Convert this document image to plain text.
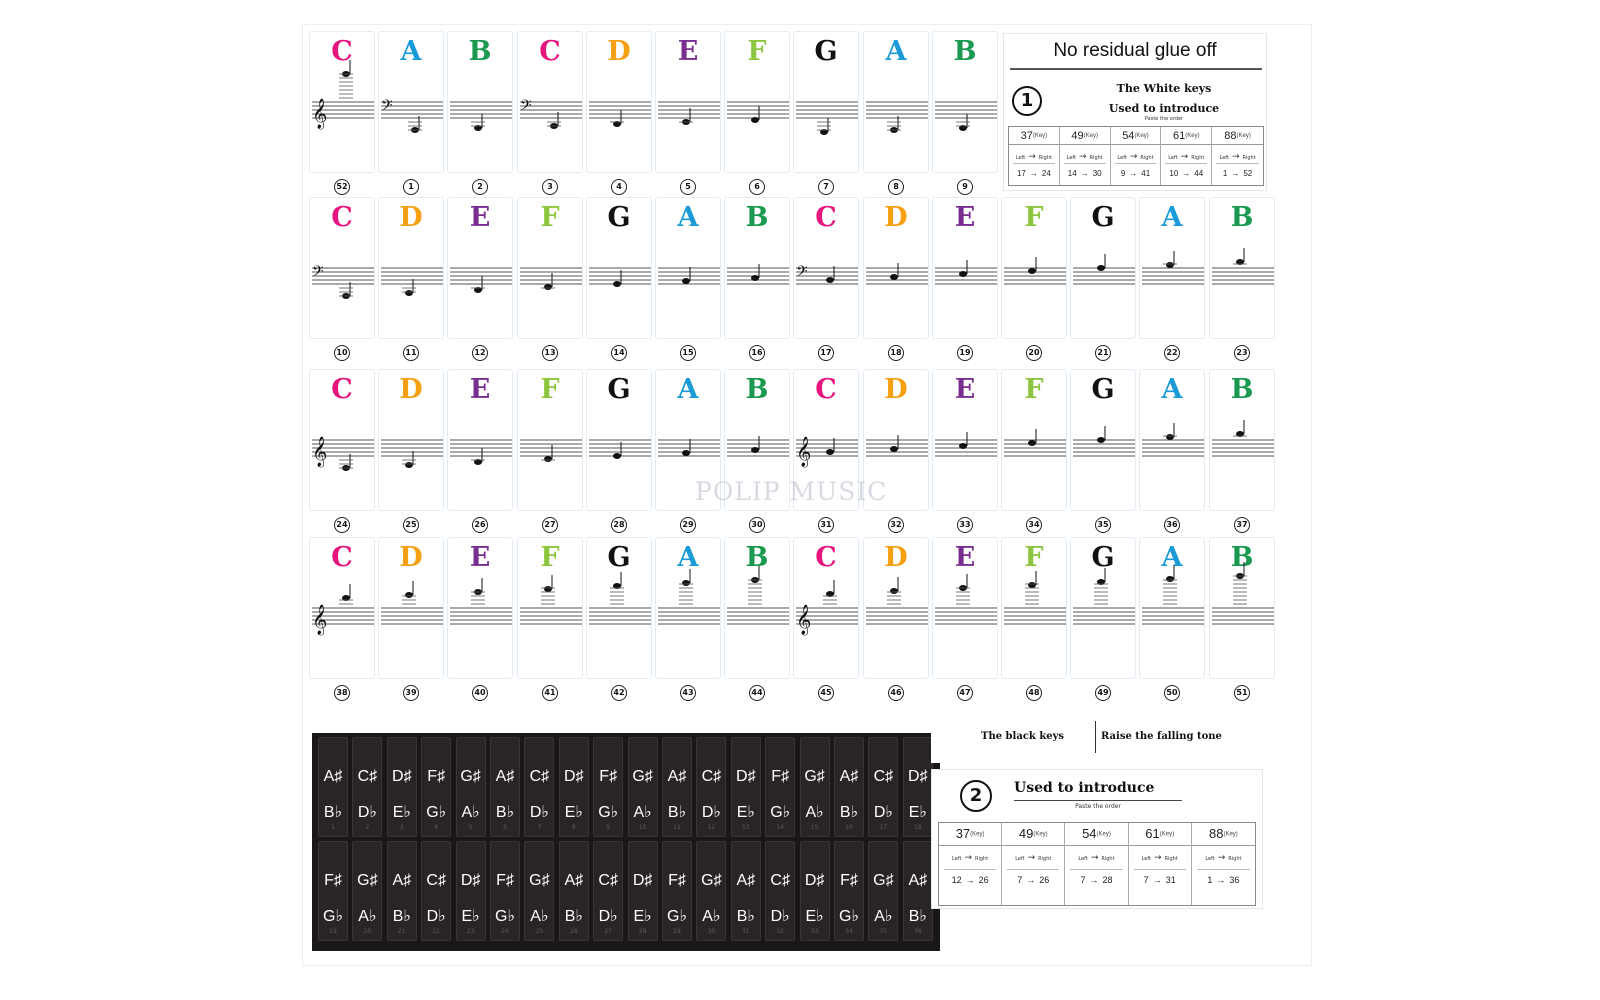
C
𝄞
52
A
𝄢
1
B
2
C
𝄢
3
D
4
E
5
F
6
G
7
A
8
B
9
C
𝄢
10
D
11
E
12
F
13
G
14
A
15
B
16
C
𝄢
17
D
18
E
19
F
20
G
21
A
22
B
23
C
𝄞
24
D
25
E
26
F
27
G
28
A
29
B
30
C
𝄞
31
D
32
E
33
F
34
G
35
A
36
B
37
C
𝄞
38
D
39
E
40
F
41
G
42
A
43
B
44
C
𝄞
45
D
46
E
47
F
48
G
49
A
50
B
51
A♯
B♭
1
C♯
D♭
2
D♯
E♭
3
F♯
G♭
4
G♯
A♭
5
A♯
B♭
6
C♯
D♭
7
D♯
E♭
8
F♯
G♭
9
G♯
A♭
10
A♯
B♭
11
C♯
D♭
12
D♯
E♭
13
F♯
G♭
14
G♯
A♭
15
A♯
B♭
16
C♯
D♭
17
D♯
E♭
18
F♯
G♭
19
G♯
A♭
20
A♯
B♭
21
C♯
D♭
22
D♯
E♭
23
F♯
G♭
24
G♯
A♭
25
A♯
B♭
26
C♯
D♭
27
D♯
E♭
28
F♯
G♭
29
G♯
A♭
30
A♯
B♭
31
C♯
D♭
32
D♯
E♭
33
F♯
G♭
34
G♯
A♭
35
A♯
B♭
36
No residual glue off
1
The White keys
Used to introduce
Paste the order
37(Key)
Left → Right
17 → 24
49(Key)
Left → Right
14 → 30
54(Key)
Left → Right
9 → 41
61(Key)
Left → Right
10 → 44
88(Key)
Left → Right
1 → 52
The black keys	Raise the falling tone
2	Used to introduce
Paste the order
37(Key)
Left → Right
12 → 26
49(Key)
Left → Right
7 → 26
54(Key)
Left → Right
7 → 28
61(Key)
Left → Right
7 → 31
88(Key)
Left → Right
1 → 36
POLIP MUSIC
